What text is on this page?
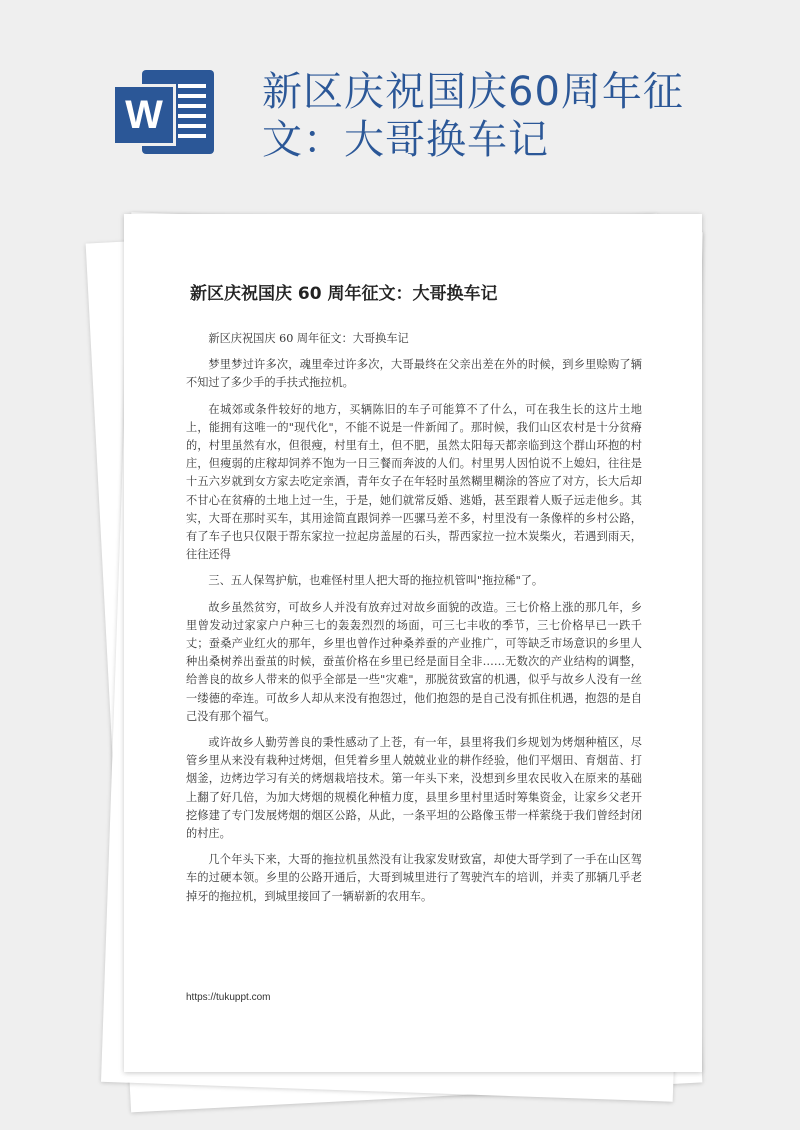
W	新区庆祝国庆60周年征文：大哥换车记
新区庆祝国庆 60 周年征文：大哥换车记

新区庆祝国庆 60 周年征文：大哥换车记

梦里梦过许多次，魂里牵过许多次，大哥最终在父亲出差在外的时候，到乡里赊购了辆不知过了多少手的手扶式拖拉机。

在城郊或条件较好的地方，买辆陈旧的车子可能算不了什么，可在我生长的这片土地上，能拥有这唯一的"现代化"，不能不说是一件新闻了。那时候，我们山区农村是十分贫瘠的，村里虽然有水，但很瘦，村里有土，但不肥，虽然太阳每天都亲临到这个群山环抱的村庄，但瘦弱的庄稼却饲养不饱为一日三餐而奔波的人们。村里男人因怕说不上媳妇，往往是十五六岁就到女方家去吃定亲酒，青年女子在年轻时虽然糊里糊涂的答应了对方，长大后却不甘心在贫瘠的土地上过一生，于是，她们就常反婚、逃婚，甚至跟着人贩子远走他乡。其实，大哥在那时买车，其用途简直跟饲养一匹骡马差不多，村里没有一条像样的乡村公路，有了车子也只仅限于帮东家拉一拉起房盖屋的石头，帮西家拉一拉木炭柴火，若遇到雨天，往往还得

三、五人保驾护航，也难怪村里人把大哥的拖拉机管叫"拖拉稀"了。

故乡虽然贫穷，可故乡人并没有放弃过对故乡面貌的改造。三七价格上涨的那几年，乡里曾发动过家家户户种三七的轰轰烈烈的场面，可三七丰收的季节，三七价格早已一跌千丈；蚕桑产业红火的那年，乡里也曾作过种桑养蚕的产业推广，可等缺乏市场意识的乡里人种出桑树养出蚕茧的时候，蚕茧价格在乡里已经是面目全非……无数次的产业结构的调整，给善良的故乡人带来的似乎全部是一些"灾难"，那脱贫致富的机遇，似乎与故乡人没有一丝一缕德的牵连。可故乡人却从来没有抱怨过，他们抱怨的是自己没有抓住机遇，抱怨的是自己没有那个福气。

或许故乡人勤劳善良的秉性感动了上苍，有一年，县里将我们乡规划为烤烟种植区，尽管乡里从来没有栽种过烤烟，但凭着乡里人兢兢业业的耕作经验，他们平烟田、育烟苗、打烟釜，边烤边学习有关的烤烟栽培技术。第一年头下来，没想到乡里农民收入在原来的基础上翻了好几倍，为加大烤烟的规模化种植力度，县里乡里村里适时筹集资金，让家乡父老开挖修建了专门发展烤烟的烟区公路，从此，一条平坦的公路像玉带一样萦绕于我们曾经封闭的村庄。

几个年头下来，大哥的拖拉机虽然没有让我家发财致富，却使大哥学到了一手在山区驾车的过硬本领。乡里的公路开通后，大哥到城里进行了驾驶汽车的培训，并卖了那辆几乎老掉牙的拖拉机，到城里接回了一辆崭新的农用车。

https://tukuppt.com
